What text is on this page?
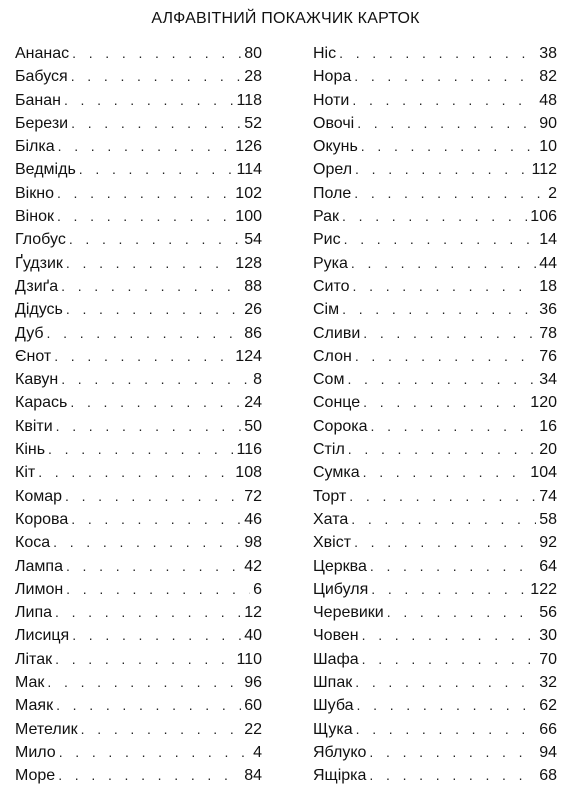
АЛФАВІТНИЙ ПОКАЖЧИК КАРТОК
Ананас . . .	80
Бабуся . . .	28
Банан . . .	118
Берези . . .	52
Білка . . .	126
Ведмідь . . .	114
Вікно . . .	102
Вінок . . .	100
Глобус . . .	54
Ґудзик . . .	128
Дзиґа . . .	88
Дідусь . . .	26
Дуб . . .	86
Єнот . . .	124
Кавун . . .	8
Карась . . .	24
Квіти . . .	50
Кінь . . .	116
Кіт . . .	108
Комар . . .	72
Корова . . .	46
Коса . . .	98
Лампа . . .	42
Лимон . . .	6
Липа . . .	12
Лисиця . . .	40
Літак . . .	110
Мак . . .	96
Маяк . . .	60
Метелик . . .	22
Мило . . .	4
Море . . .	84
Ніс . . .	38
Нора . . .	82
Ноти . . .	48
Овочі . . .	90
Окунь . . .	10
Орел . . .	112
Поле . . .	2
Рак . . .	106
Рис . . .	14
Рука . . .	44
Сито . . .	18
Сім . . .	36
Сливи . . .	78
Слон . . .	76
Сом . . .	34
Сонце . . .	120
Сорока . . .	16
Стіл . . .	20
Сумка . . .	104
Торт . . .	74
Хата . . .	58
Хвіст . . .	92
Церква . . .	64
Цибуля . . .	122
Черевики . . .	56
Човен . . .	30
Шафа . . .	70
Шпак . . .	32
Шуба . . .	62
Щука . . .	66
Яблуко . . .	94
Ящірка . . .	68
